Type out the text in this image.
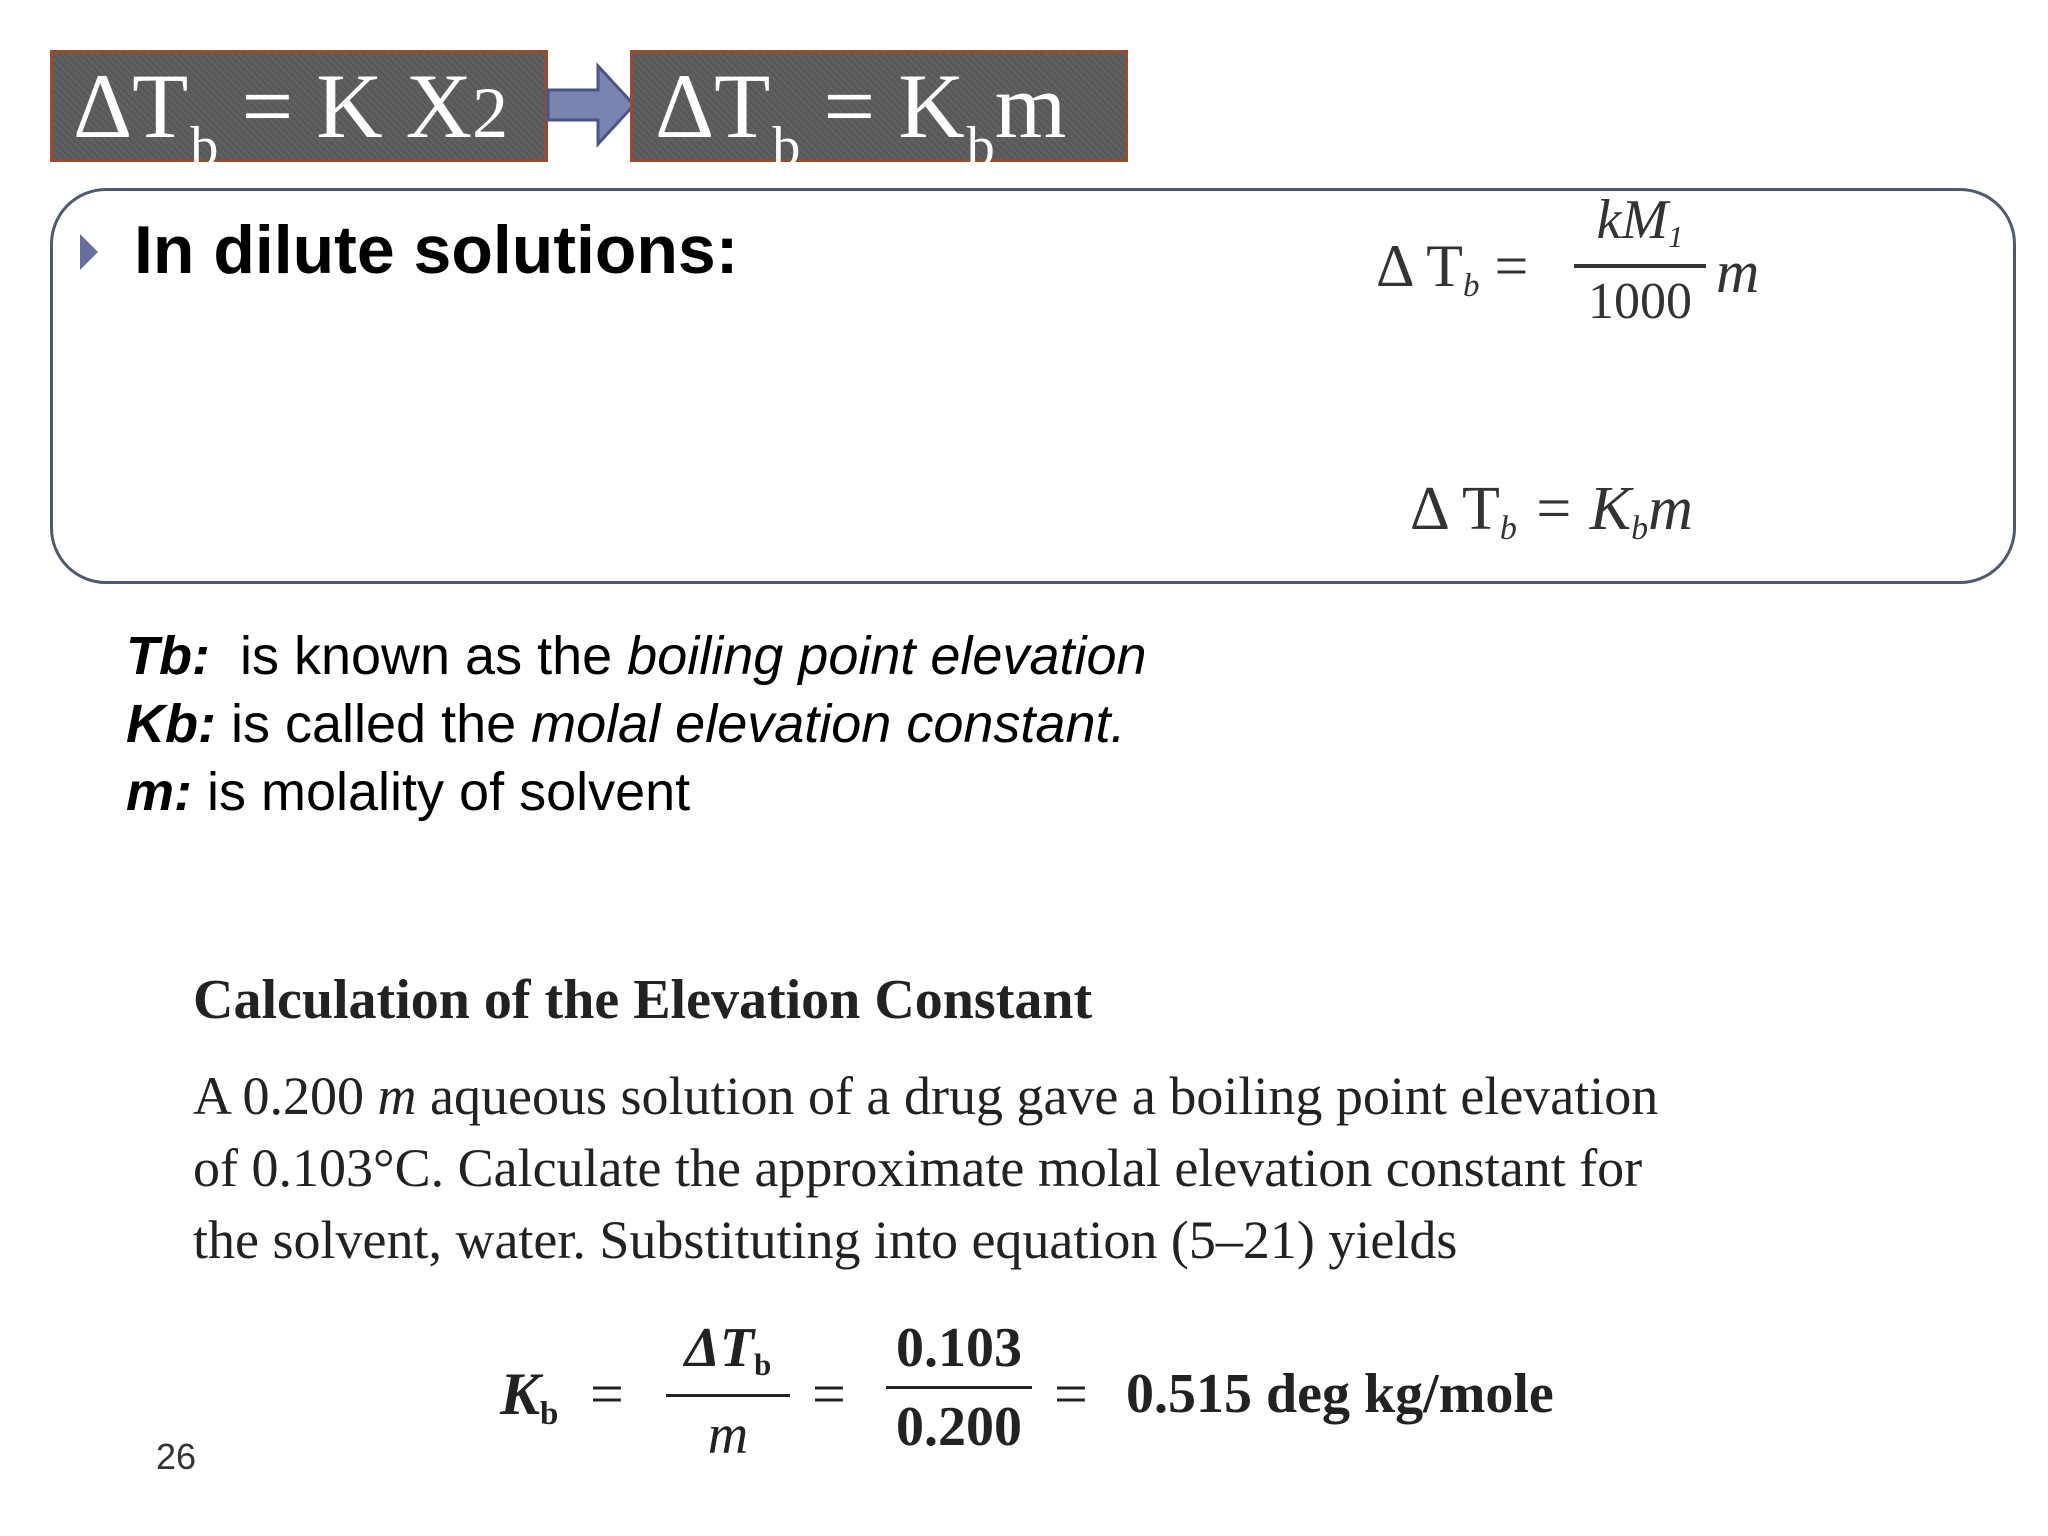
$\Delta T_b = K$ X2	$\Delta T_b = K_bm$
In dilute solutions:	Δ Tb =
kM1
1000 m
Δ Tb = Kbm
Tb:  is known as the boiling point elevation
Kb: is called the molal elevation constant.
m: is molality of solvent
Calculation of the Elevation Constant
A 0.200 m aqueous solution of a drug gave a boiling point elevation
of 0.103°C. Calculate the approximate molal elevation constant for
the solvent, water. Substituting into equation (5–21) yields
Kb =
ΔTb
m
=
0.103
0.200 = 0.515 deg kg/mole
26
